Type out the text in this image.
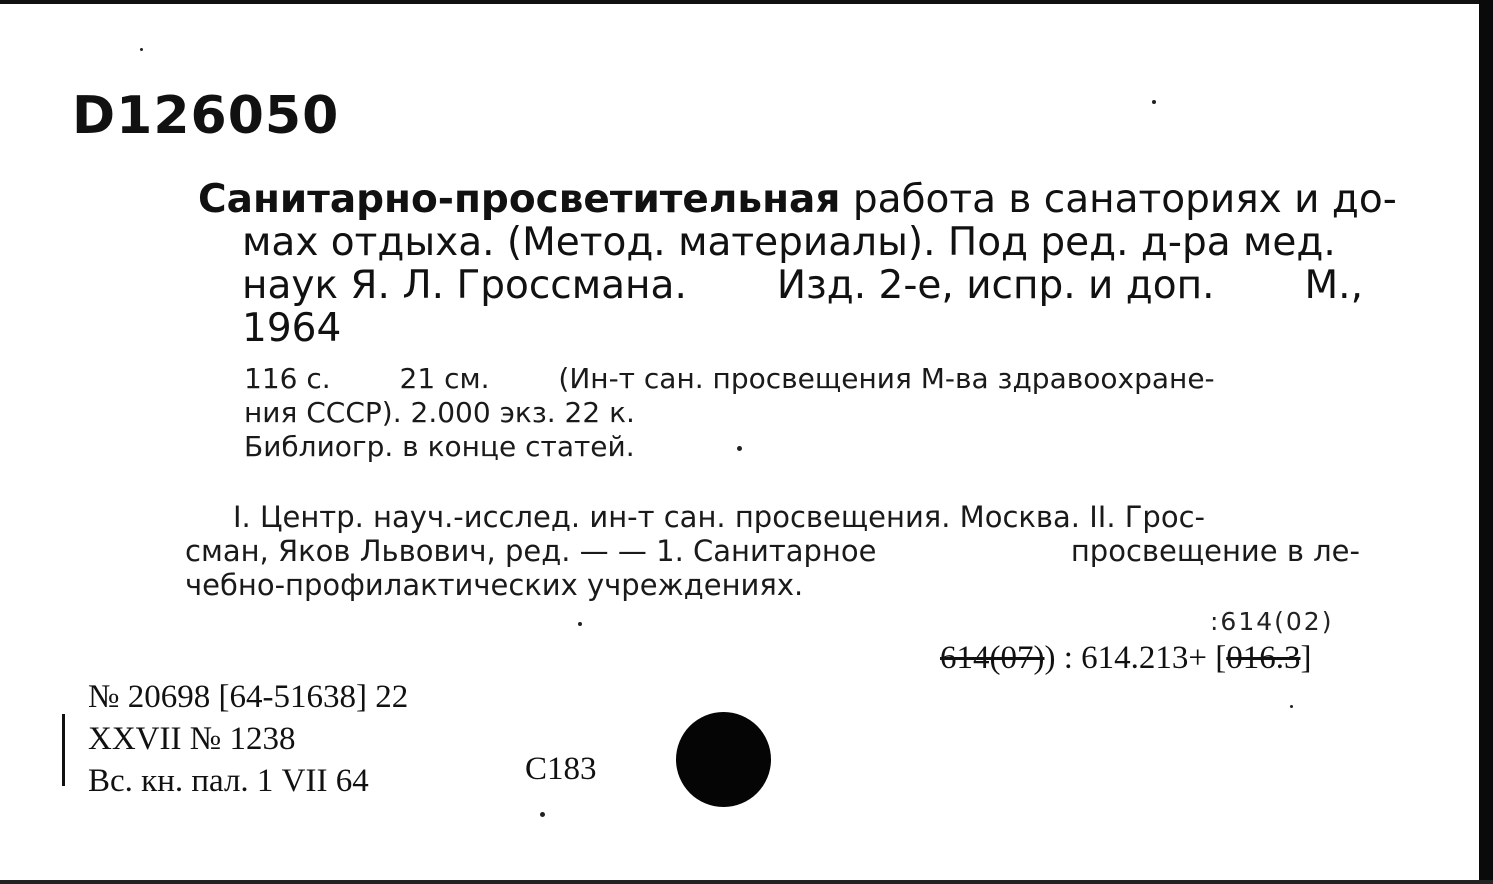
D126050
Санитарно-просветительная работа в санаториях и до-
мах отдыха. (Метод. материалы). Под ред. д-ра мед.
наук Я. Л. Гроссмана. Изд. 2-е, испр. и доп. М.,
1964
116 с. 21 см. (Ин-т сан. просвещения М-ва здравоохране-
ния СССР). 2.000 экз. 22 к.
Библиогр. в конце статей.
I. Центр. науч.-исслед. ин-т сан. просвещения. Москва. II. Грос-
сман, Яков Львович, ред. — — 1. Санитарное	просвещение в ле-
чебно-профилактических учреждениях.
:614(02)
614(07)) : 614.213+ [016.3]
№ 20698 [64-51638] 22
XXVII № 1238
Вс. кн. пал. 1 VII 64	C183
